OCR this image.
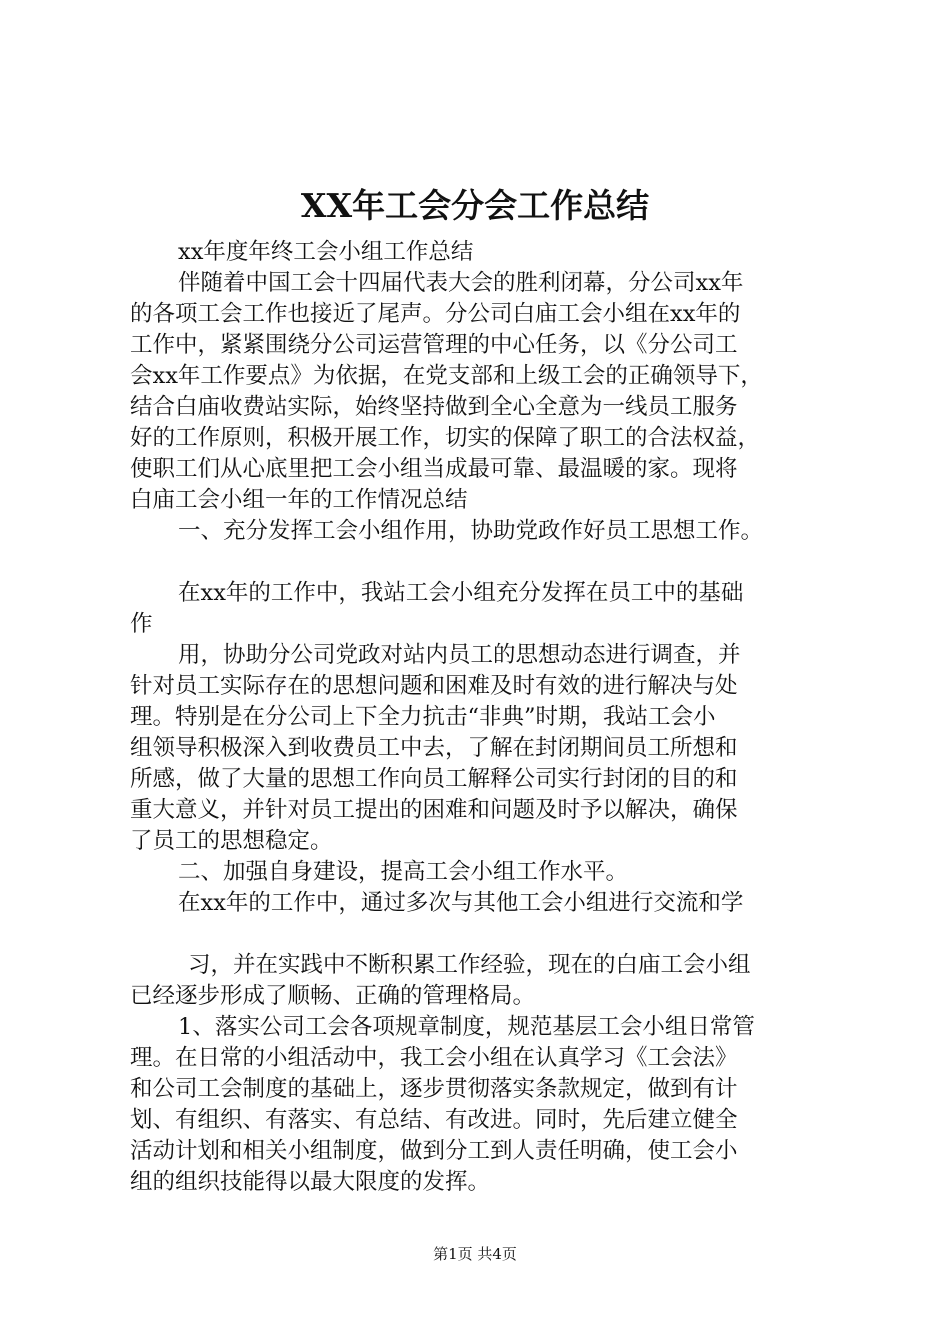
XX年工会分会工作总结

xx年度年终工会小组工作总结

伴随着中国工会十四届代表大会的胜利闭幕，分公司xx年

的各项工会工作也接近了尾声。分公司白庙工会小组在xx年的

工作中，紧紧围绕分公司运营管理的中心任务，以《分公司工

会xx年工作要点》为依据，在党支部和上级工会的正确领导下，

结合白庙收费站实际，始终坚持做到全心全意为一线员工服务

好的工作原则，积极开展工作，切实的保障了职工的合法权益，

使职工们从心底里把工会小组当成最可靠、最温暖的家。现将

白庙工会小组一年的工作情况总结

一、充分发挥工会小组作用，协助党政作好员工思想工作。

在xx年的工作中，我站工会小组充分发挥在员工中的基础

作

用，协助分公司党政对站内员工的思想动态进行调查，并

针对员工实际存在的思想问题和困难及时有效的进行解决与处

理。特别是在分公司上下全力抗击“非典”时期，我站工会小

组领导积极深入到收费员工中去，了解在封闭期间员工所想和

所感，做了大量的思想工作向员工解释公司实行封闭的目的和

重大意义，并针对员工提出的困难和问题及时予以解决，确保

了员工的思想稳定。

二、加强自身建设，提高工会小组工作水平。

在xx年的工作中，通过多次与其他工会小组进行交流和学

习，并在实践中不断积累工作经验，现在的白庙工会小组

已经逐步形成了顺畅、正确的管理格局。

1、落实公司工会各项规章制度，规范基层工会小组日常管

理。在日常的小组活动中，我工会小组在认真学习《工会法》

和公司工会制度的基础上，逐步贯彻落实条款规定，做到有计

划、有组织、有落实、有总结、有改进。同时，先后建立健全

活动计划和相关小组制度，做到分工到人责任明确，使工会小

组的组织技能得以最大限度的发挥。

第1页 共4页
